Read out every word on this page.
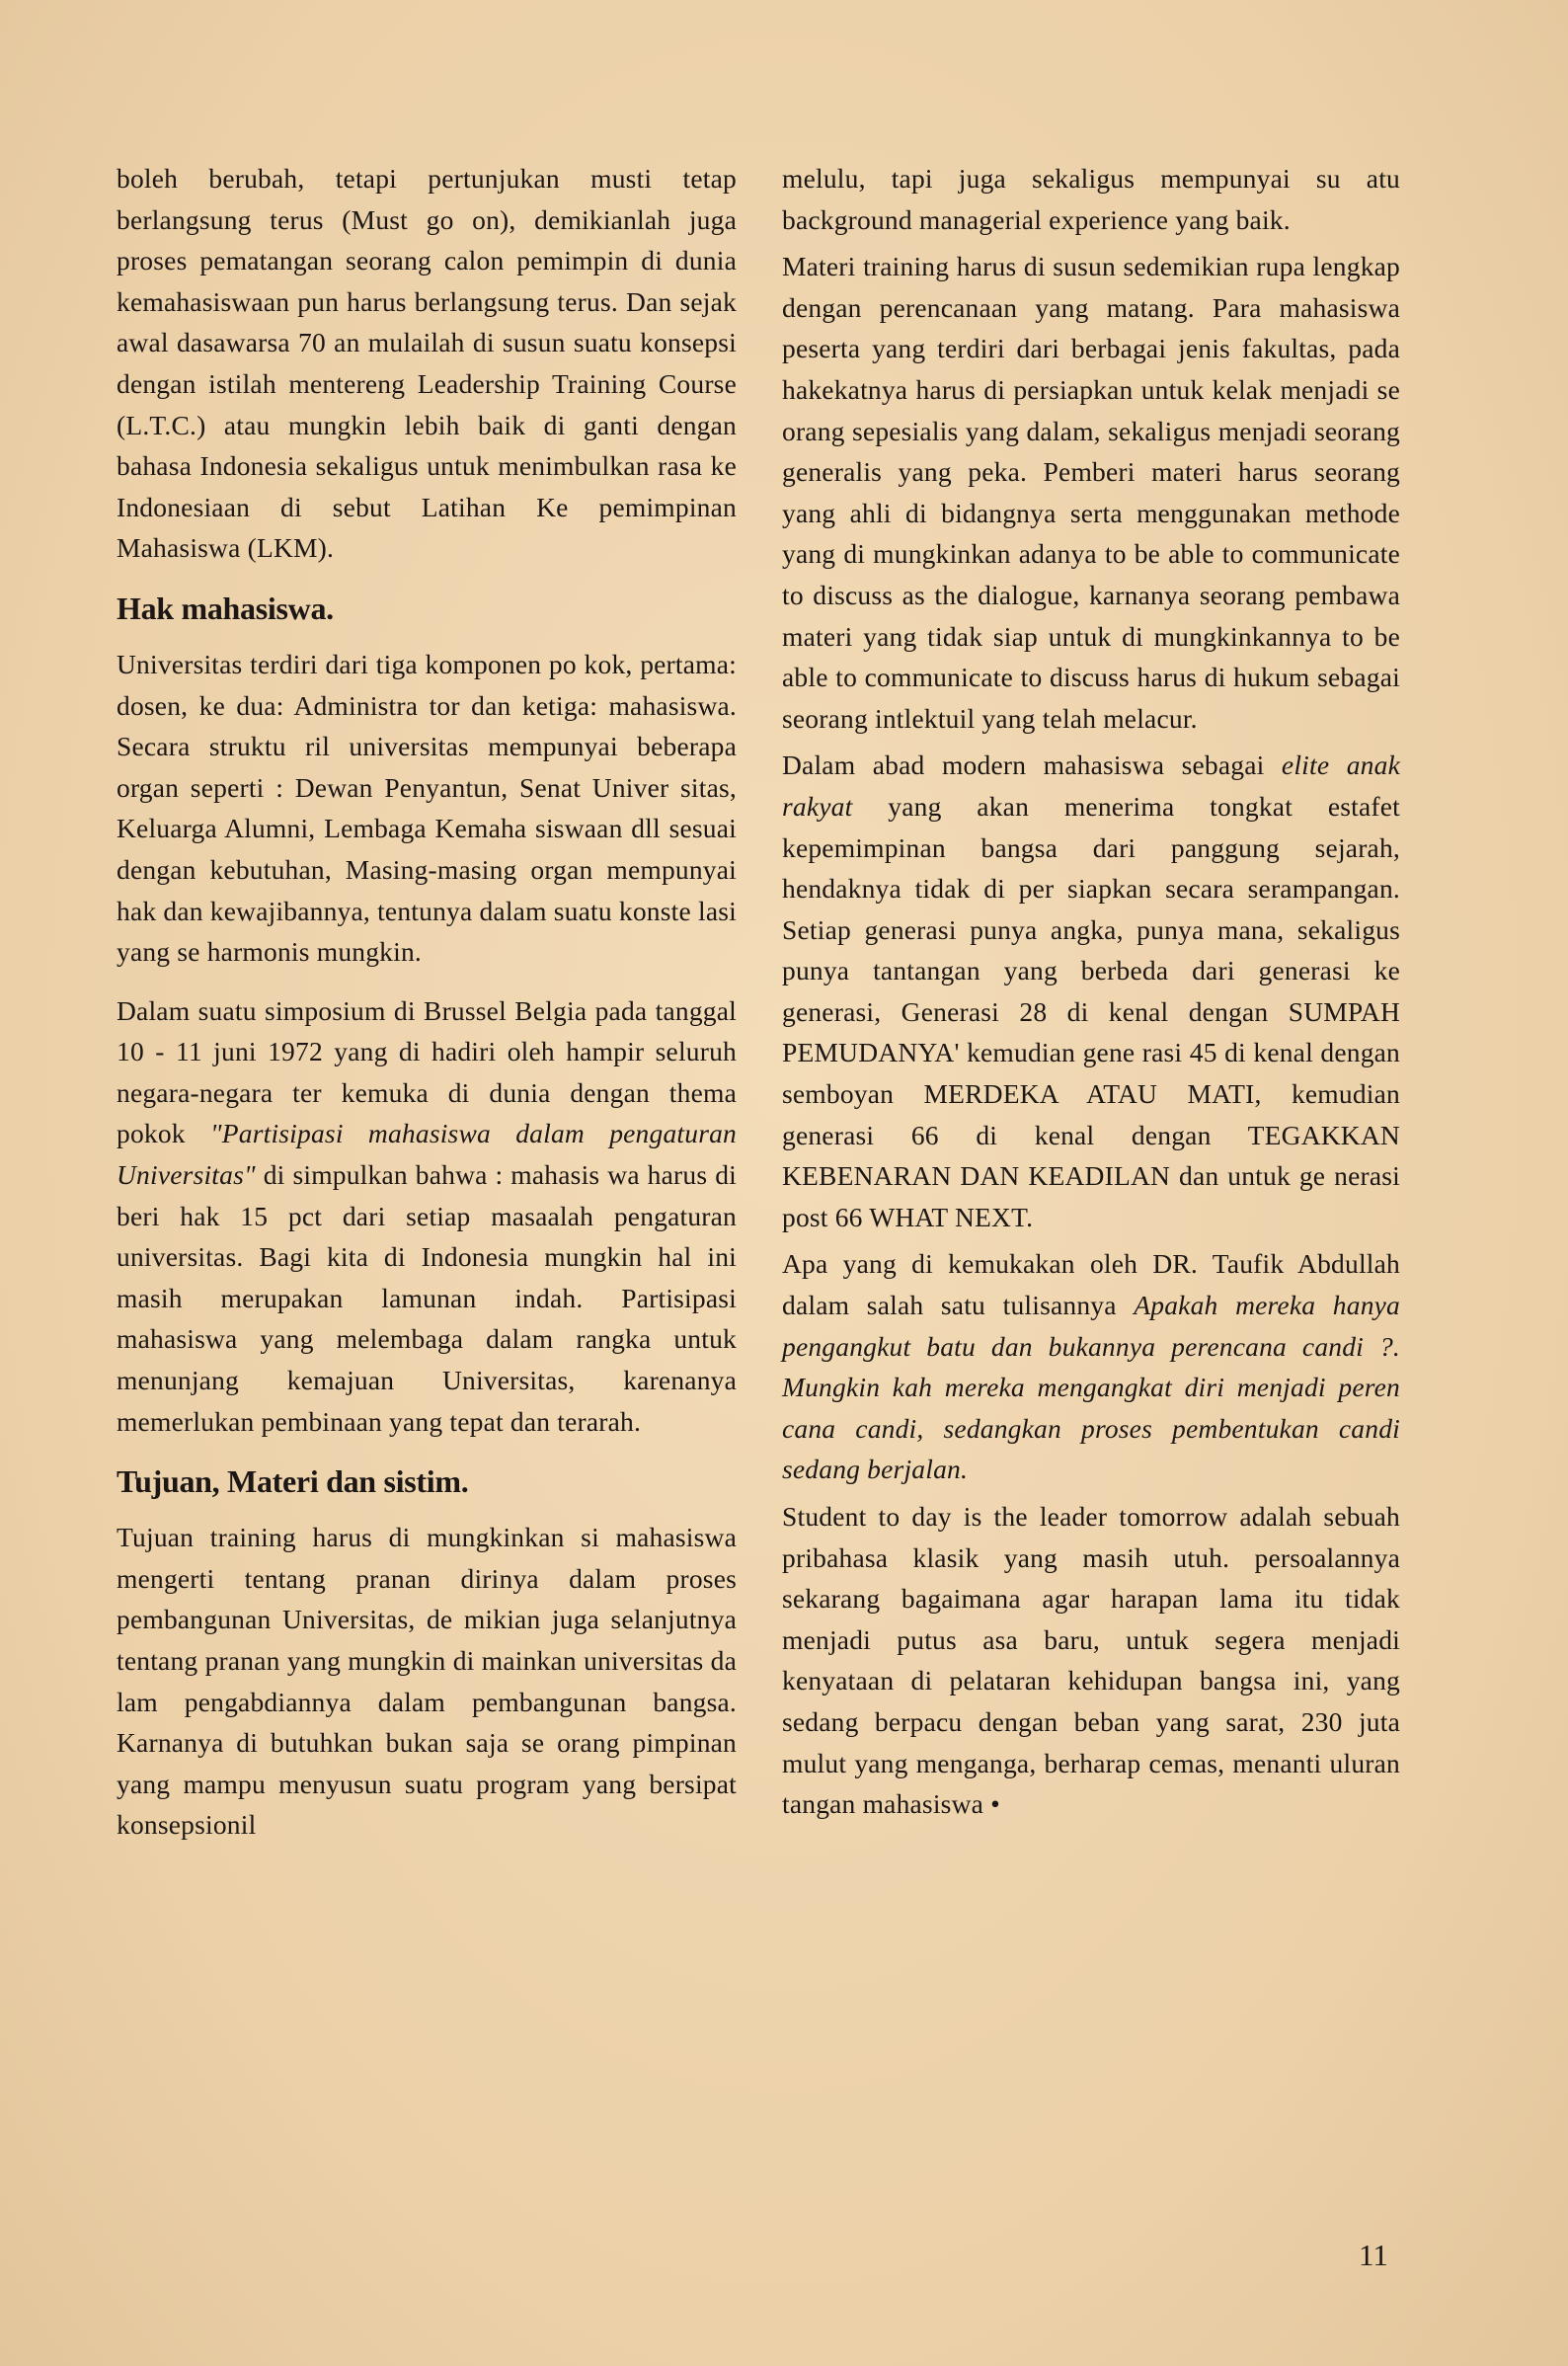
boleh berubah, tetapi pertunjukan musti tetap berlangsung terus (Must go on), demikianlah juga proses pematangan seorang calon pemimpin di dunia kemahasiswaan pun harus berlangsung terus. Dan sejak awal dasawarsa 70 an mulailah di susun suatu konsepsi dengan istilah mentereng Leadership Training Course (L.T.C.) atau mungkin lebih baik di ganti dengan bahasa Indonesia sekaligus untuk menimbulkan rasa ke Indonesiaan di sebut Latihan Ke pemimpinan Mahasiswa (LKM).

Hak mahasiswa.

Universitas terdiri dari tiga komponen po kok, pertama: dosen, ke dua: Administra tor dan ketiga: mahasiswa. Secara struktu ril universitas mempunyai beberapa organ seperti : Dewan Penyantun, Senat Univer sitas, Keluarga Alumni, Lembaga Kemaha siswaan dll sesuai dengan kebutuhan, Masing-masing organ mempunyai hak dan kewajibannya, tentunya dalam suatu konste lasi yang se harmonis mungkin.

Dalam suatu simposium di Brussel Belgia pada tanggal 10 - 11 juni 1972 yang di hadiri oleh hampir seluruh negara-negara ter kemuka di dunia dengan thema pokok "Partisipasi mahasiswa dalam pengaturan Universitas" di simpulkan bahwa : mahasis wa harus di beri hak 15 pct dari setiap masaalah pengaturan universitas. Bagi kita di Indonesia mungkin hal ini masih merupakan lamunan indah. Partisipasi mahasiswa yang melembaga dalam rangka untuk menunjang kemajuan Universitas, karenanya memerlukan pembinaan yang tepat dan terarah.

Tujuan, Materi dan sistim.

Tujuan training harus di mungkinkan si mahasiswa mengerti tentang pranan dirinya dalam proses pembangunan Universitas, de mikian juga selanjutnya tentang pranan yang mungkin di mainkan universitas da lam pengabdiannya dalam pembangunan bangsa. Karnanya di butuhkan bukan saja se orang pimpinan yang mampu menyusun suatu program yang bersipat konsepsionil

melulu, tapi juga sekaligus mempunyai su atu background managerial experience yang baik.

Materi training harus di susun sedemikian rupa lengkap dengan perencanaan yang matang. Para mahasiswa peserta yang terdiri dari berbagai jenis fakultas, pada hakekatnya harus di persiapkan untuk kelak menjadi se orang sepesialis yang dalam, sekaligus menjadi seorang generalis yang peka. Pemberi materi harus seorang yang ahli di bidangnya serta menggunakan methode yang di mungkinkan adanya to be able to communicate to discuss as the dialogue, karnanya seorang pembawa materi yang tidak siap untuk di mungkinkannya to be able to communicate to discuss harus di hukum sebagai seorang intlektuil yang telah melacur.

Dalam abad modern mahasiswa sebagai elite anak rakyat yang akan menerima tongkat estafet kepemimpinan bangsa dari panggung sejarah, hendaknya tidak di per siapkan secara serampangan. Setiap generasi punya angka, punya mana, sekaligus punya tantangan yang berbeda dari generasi ke generasi, Generasi 28 di kenal dengan SUMPAH PEMUDANYA' kemudian gene rasi 45 di kenal dengan semboyan MERDEKA ATAU MATI, kemudian generasi 66 di kenal dengan TEGAKKAN KEBENARAN DAN KEADILAN dan untuk ge nerasi post 66 WHAT NEXT.

Apa yang di kemukakan oleh DR. Taufik Abdullah dalam salah satu tulisannya Apakah mereka hanya pengangkut batu dan bukannya perencana candi ?. Mungkin kah mereka mengangkat diri menjadi peren cana candi, sedangkan proses pembentukan candi sedang berjalan.

Student to day is the leader tomorrow adalah sebuah pribahasa klasik yang masih utuh. persoalannya sekarang bagaimana agar harapan lama itu tidak menjadi putus asa baru, untuk segera menjadi kenyataan di pelataran kehidupan bangsa ini, yang sedang berpacu dengan beban yang sarat, 230 juta mulut yang menganga, berharap cemas, menanti uluran tangan mahasiswa •

11
